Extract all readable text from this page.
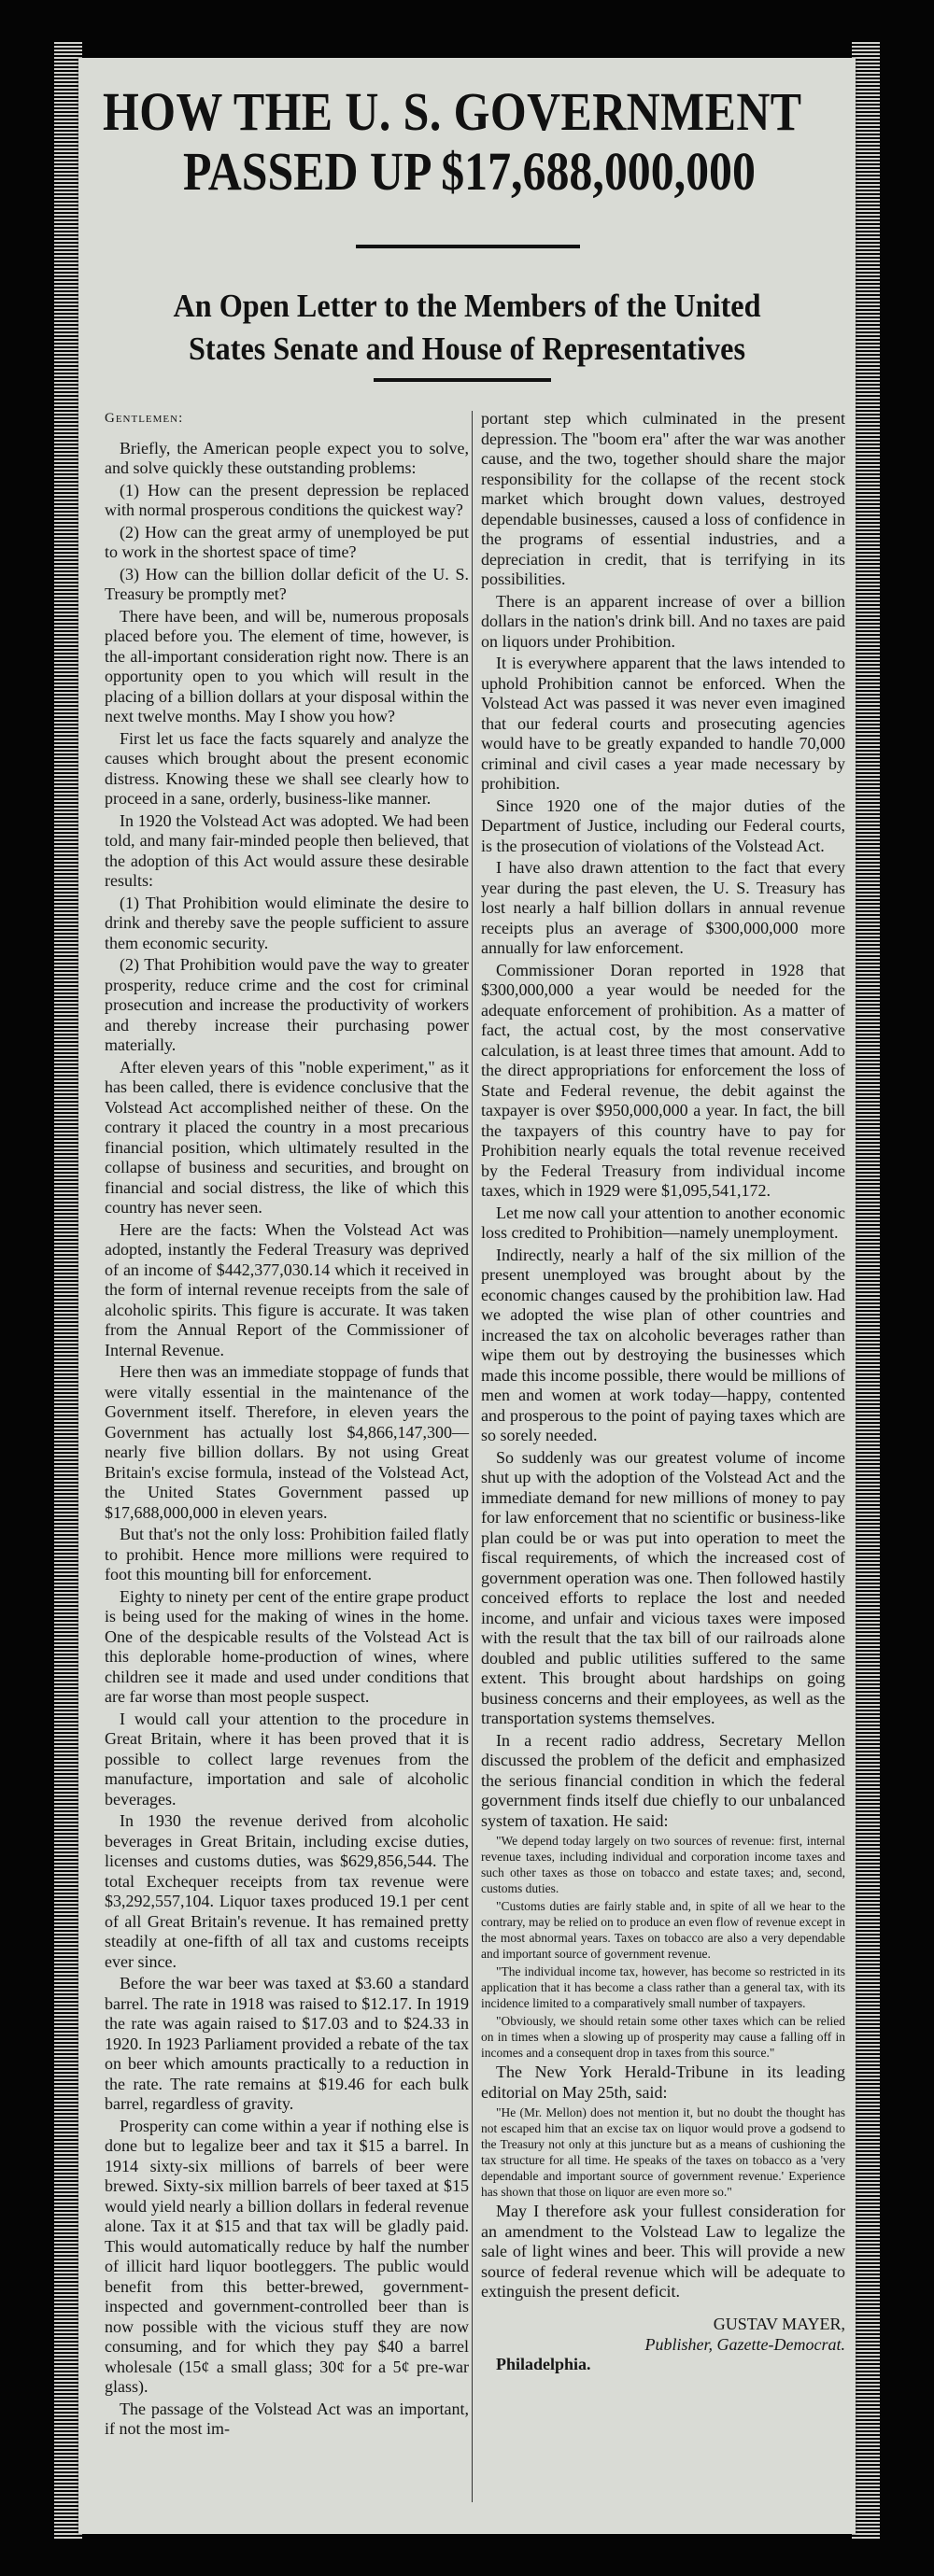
HOW THE U. S. GOVERNMENT
PASSED UP $17,688,000,000
An Open Letter to the Members of the United States Senate and House of Representatives

Gentlemen:

Briefly, the American people expect you to solve, and solve quickly these outstanding problems:

(1) How can the present depression be replaced with normal prosperous conditions the quickest way?

(2) How can the great army of unemployed be put to work in the shortest space of time?

(3) How can the billion dollar deficit of the U. S. Treasury be promptly met?

There have been, and will be, numerous proposals placed before you. The element of time, however, is the all-important consideration right now. There is an opportunity open to you which will result in the placing of a billion dollars at your disposal within the next twelve months. May I show you how?

First let us face the facts squarely and analyze the causes which brought about the present economic distress. Knowing these we shall see clearly how to proceed in a sane, orderly, business-like manner.

In 1920 the Volstead Act was adopted. We had been told, and many fair-minded people then believed, that the adoption of this Act would assure these desirable results:

(1) That Prohibition would eliminate the desire to drink and thereby save the people sufficient to assure them economic security.

(2) That Prohibition would pave the way to greater prosperity, reduce crime and the cost for criminal prosecution and increase the productivity of workers and thereby increase their purchasing power materially.

After eleven years of this "noble experiment," as it has been called, there is evidence conclusive that the Volstead Act accomplished neither of these. On the contrary it placed the country in a most precarious financial position, which ultimately resulted in the collapse of business and securities, and brought on financial and social distress, the like of which this country has never seen.

Here are the facts: When the Volstead Act was adopted, instantly the Federal Treasury was deprived of an income of $442,377,030.14 which it received in the form of internal revenue receipts from the sale of alcoholic spirits. This figure is accurate. It was taken from the Annual Report of the Commissioner of Internal Revenue.

Here then was an immediate stoppage of funds that were vitally essential in the maintenance of the Government itself. Therefore, in eleven years the Government has actually lost $4,866,147,300—nearly five billion dollars. By not using Great Britain's excise formula, instead of the Volstead Act, the United States Government passed up $17,688,000,000 in eleven years.

But that's not the only loss: Prohibition failed flatly to prohibit. Hence more millions were required to foot this mounting bill for enforcement.

Eighty to ninety per cent of the entire grape product is being used for the making of wines in the home. One of the despicable results of the Volstead Act is this deplorable home-production of wines, where children see it made and used under conditions that are far worse than most people suspect.

I would call your attention to the procedure in Great Britain, where it has been proved that it is possible to collect large revenues from the manufacture, importation and sale of alcoholic beverages.

In 1930 the revenue derived from alcoholic beverages in Great Britain, including excise duties, licenses and customs duties, was $629,856,544. The total Exchequer receipts from tax revenue were $3,292,557,104. Liquor taxes produced 19.1 per cent of all Great Britain's revenue. It has remained pretty steadily at one-fifth of all tax and customs receipts ever since.

Before the war beer was taxed at $3.60 a standard barrel. The rate in 1918 was raised to $12.17. In 1919 the rate was again raised to $17.03 and to $24.33 in 1920. In 1923 Parliament provided a rebate of the tax on beer which amounts practically to a reduction in the rate. The rate remains at $19.46 for each bulk barrel, regardless of gravity.

Prosperity can come within a year if nothing else is done but to legalize beer and tax it $15 a barrel. In 1914 sixty-six millions of barrels of beer were brewed. Sixty-six million barrels of beer taxed at $15 would yield nearly a billion dollars in federal revenue alone. Tax it at $15 and that tax will be gladly paid. This would automatically reduce by half the number of illicit hard liquor bootleggers. The public would benefit from this better-brewed, government-inspected and government-controlled beer than is now possible with the vicious stuff they are now consuming, and for which they pay $40 a barrel wholesale (15¢ a small glass; 30¢ for a 5¢ pre-war glass).

The passage of the Volstead Act was an important, if not the most im-

portant step which culminated in the present depression. The "boom era" after the war was another cause, and the two, together should share the major responsibility for the collapse of the recent stock market which brought down values, destroyed dependable businesses, caused a loss of confidence in the programs of essential industries, and a depreciation in credit, that is terrifying in its possibilities.

There is an apparent increase of over a billion dollars in the nation's drink bill. And no taxes are paid on liquors under Prohibition.

It is everywhere apparent that the laws intended to uphold Prohibition cannot be enforced. When the Volstead Act was passed it was never even imagined that our federal courts and prosecuting agencies would have to be greatly expanded to handle 70,000 criminal and civil cases a year made necessary by prohibition.

Since 1920 one of the major duties of the Department of Justice, including our Federal courts, is the prosecution of violations of the Volstead Act.

I have also drawn attention to the fact that every year during the past eleven, the U. S. Treasury has lost nearly a half billion dollars in annual revenue receipts plus an average of $300,000,000 more annually for law enforcement.

Commissioner Doran reported in 1928 that $300,000,000 a year would be needed for the adequate enforcement of prohibition. As a matter of fact, the actual cost, by the most conservative calculation, is at least three times that amount. Add to the direct appropriations for enforcement the loss of State and Federal revenue, the debit against the taxpayer is over $950,000,000 a year. In fact, the bill the taxpayers of this country have to pay for Prohibition nearly equals the total revenue received by the Federal Treasury from individual income taxes, which in 1929 were $1,095,541,172.

Let me now call your attention to another economic loss credited to Prohibition—namely unemployment.

Indirectly, nearly a half of the six million of the present unemployed was brought about by the economic changes caused by the prohibition law. Had we adopted the wise plan of other countries and increased the tax on alcoholic beverages rather than wipe them out by destroying the businesses which made this income possible, there would be millions of men and women at work today—happy, contented and prosperous to the point of paying taxes which are so sorely needed.

So suddenly was our greatest volume of income shut up with the adoption of the Volstead Act and the immediate demand for new millions of money to pay for law enforcement that no scientific or business-like plan could be or was put into operation to meet the fiscal requirements, of which the increased cost of government operation was one. Then followed hastily conceived efforts to replace the lost and needed income, and unfair and vicious taxes were imposed with the result that the tax bill of our railroads alone doubled and public utilities suffered to the same extent. This brought about hardships on going business concerns and their employees, as well as the transportation systems themselves.

In a recent radio address, Secretary Mellon discussed the problem of the deficit and emphasized the serious financial condition in which the federal government finds itself due chiefly to our unbalanced system of taxation. He said:

"We depend today largely on two sources of revenue: first, internal revenue taxes, including individual and corporation income taxes and such other taxes as those on tobacco and estate taxes; and, second, customs duties.

"Customs duties are fairly stable and, in spite of all we hear to the contrary, may be relied on to produce an even flow of revenue except in the most abnormal years. Taxes on tobacco are also a very dependable and important source of government revenue.

"The individual income tax, however, has become so restricted in its application that it has become a class rather than a general tax, with its incidence limited to a comparatively small number of taxpayers.

"Obviously, we should retain some other taxes which can be relied on in times when a slowing up of prosperity may cause a falling off in incomes and a consequent drop in taxes from this source."

The New York Herald-Tribune in its leading editorial on May 25th, said:

"He (Mr. Mellon) does not mention it, but no doubt the thought has not escaped him that an excise tax on liquor would prove a godsend to the Treasury not only at this juncture but as a means of cushioning the tax structure for all time. He speaks of the taxes on tobacco as a 'very dependable and important source of government revenue.' Experience has shown that those on liquor are even more so."

May I therefore ask your fullest consideration for an amendment to the Volstead Law to legalize the sale of light wines and beer. This will provide a new source of federal revenue which will be adequate to extinguish the present deficit.

GUSTAV MAYER,
Publisher, Gazette-Democrat.

Philadelphia.
